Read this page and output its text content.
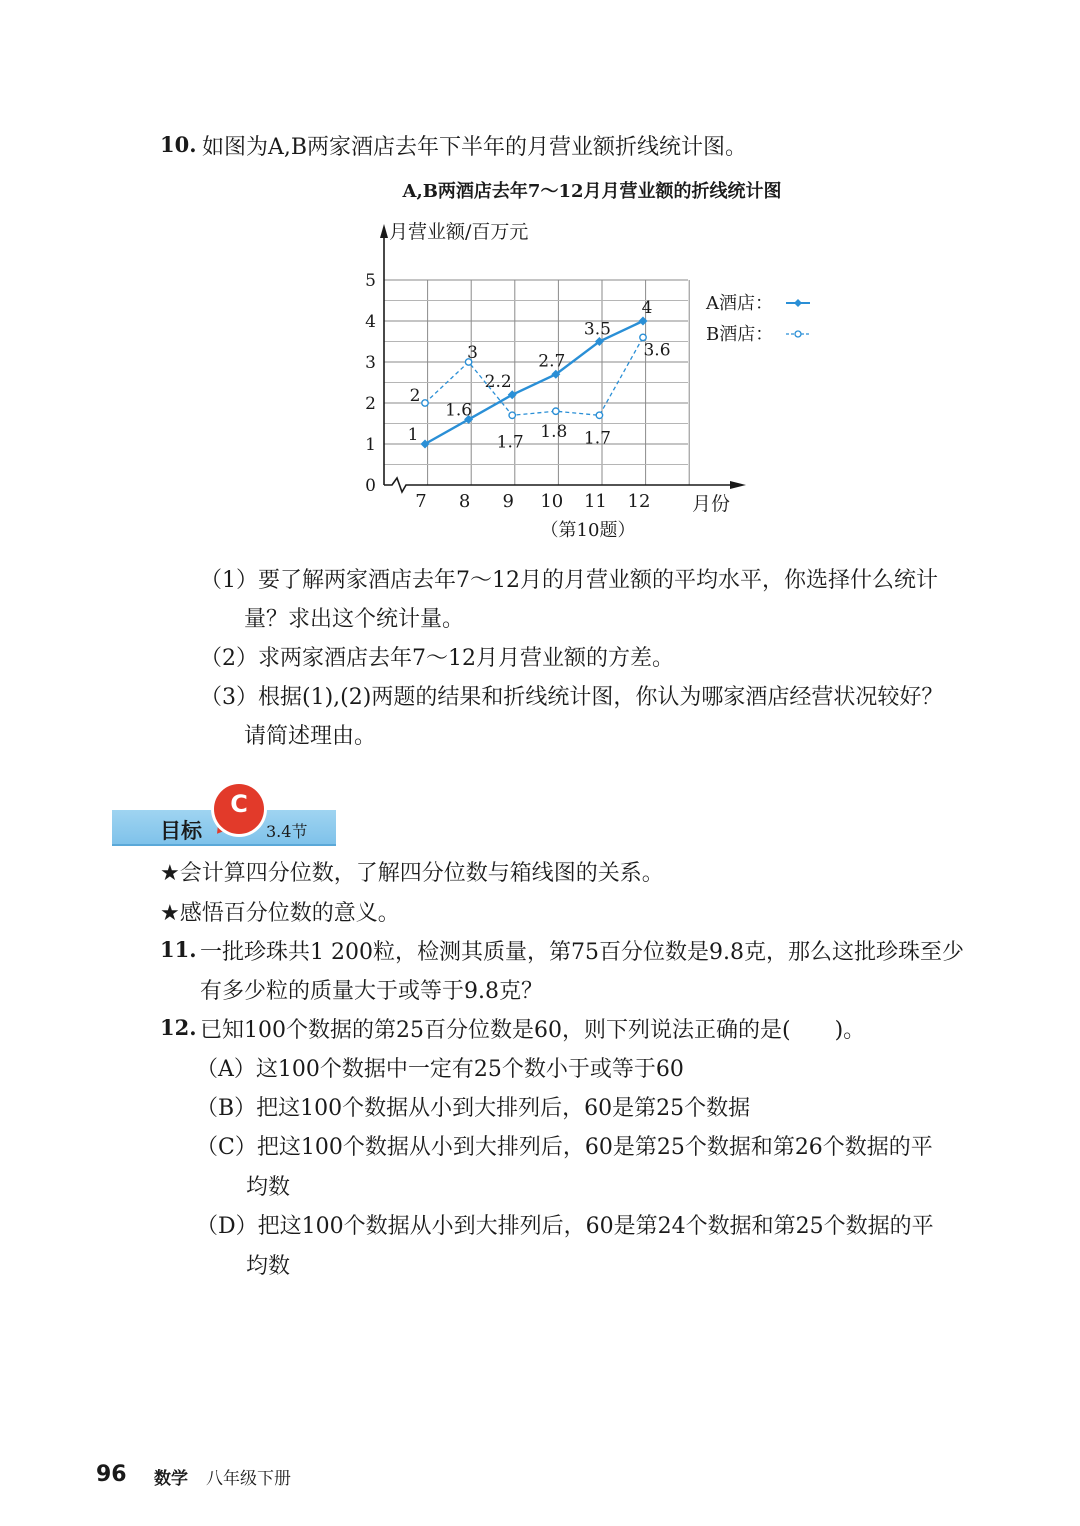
10. 如图为A,B两家酒店去年下半年的月营业额折线统计图。
A,B两酒店去年7～12月月营业额的折线统计图
月营业额/百万元
月份
（第10题）
0
1
2
3
4
5
7 8 9 10 11 12
1
1.6
2.2
2.7
3.5
4
2
3
1.7
1.8 1.7
3.6
A酒店：
B酒店：
（1）要了解两家酒店去年7～12月的月营业额的平均水平，你选择什么统计
量？求出这个统计量。
（2）求两家酒店去年7～12月月营业额的方差。
（3）根据(1),(2)两题的结果和折线统计图，你认为哪家酒店经营状况较好？
请简述理由。
目标	3.4节
C
★会计算四分位数，了解四分位数与箱线图的关系。
★感悟百分位数的意义。
11. 一批珍珠共1 200粒，检测其质量，第75百分位数是9.8克，那么这批珍珠至少
有多少粒的质量大于或等于9.8克？
12. 已知100个数据的第25百分位数是60，则下列说法正确的是(　　)。
（A）这100个数据中一定有25个数小于或等于60
（B）把这100个数据从小到大排列后，60是第25个数据
（C）把这100个数据从小到大排列后，60是第25个数据和第26个数据的平
均数
（D）把这100个数据从小到大排列后，60是第24个数据和第25个数据的平
均数
96 数学 八年级下册
